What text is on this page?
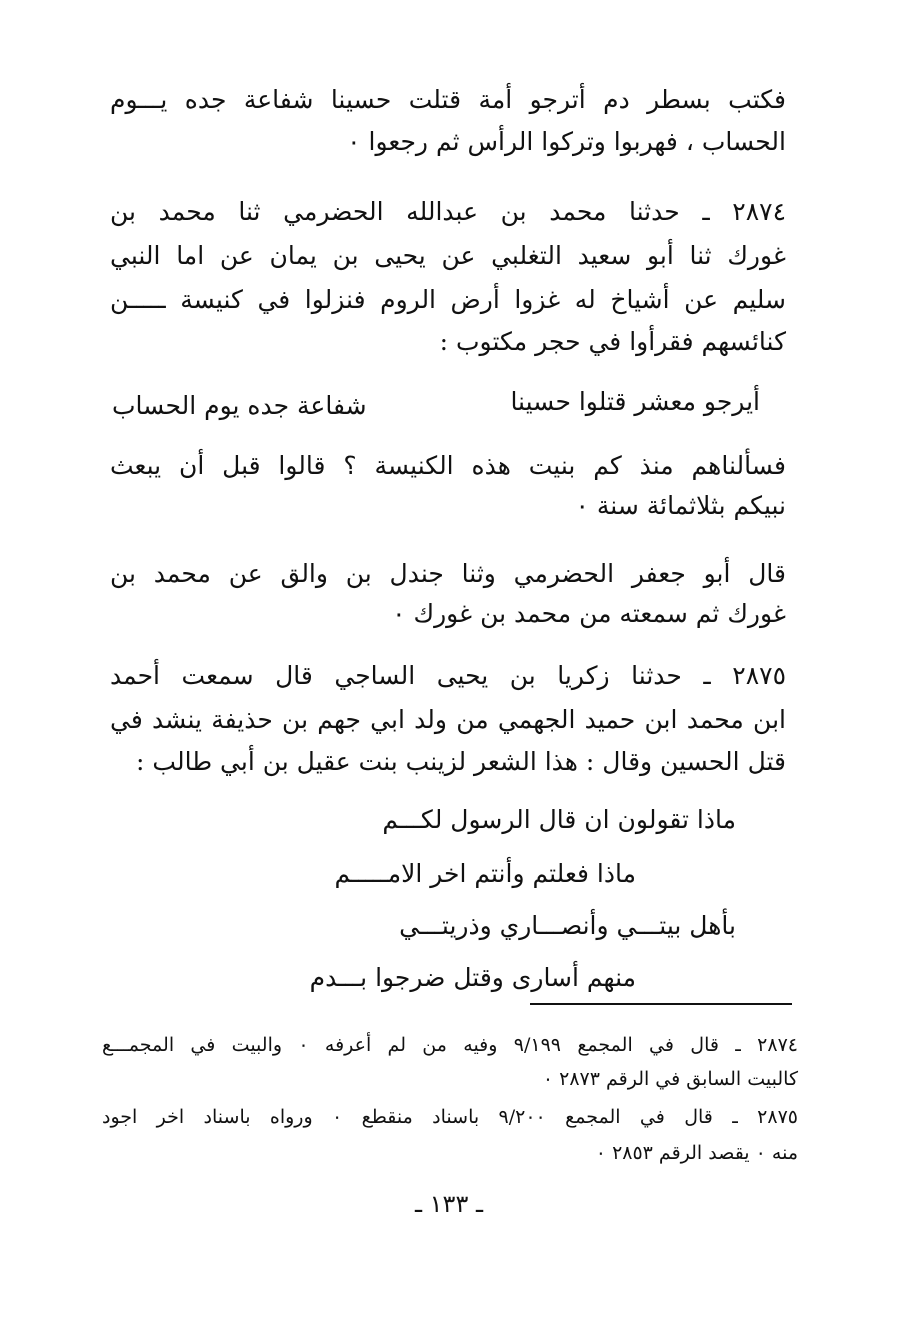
فكتب بسطر دم أترجو أمة قتلت حسينا شفاعة جده يـــوم
الحساب ، فهربوا وتركوا الرأس ثم رجعوا ٠
٢٨٧٤ ـ حدثنا محمد بن عبدالله الحضرمي ثنا محمد بن
غورك ثنا أبو سعيد التغلبي عن يحيى بن يمان عن اما النبي
سليم عن أشياخ له غزوا أرض الروم فنزلوا في كنيسة ـــــن
كنائسهم فقرأوا في حجر مكتوب :
أيرجو معشر قتلوا حسينا
شفاعة جده يوم الحساب
فسألناهم منذ كم بنيت هذه الكنيسة ؟ قالوا قبل أن يبعث
نبيكم بثلاثمائة سنة ٠
قال أبو جعفر الحضرمي وثنا جندل بن والق عن محمد بن
غورك ثم سمعته من محمد بن غورك ٠
٢٨٧٥ ـ حدثنا زكريا بن يحيى الساجي قال سمعت أحمد
ابن محمد ابن حميد الجهمي من ولد ابي جهم بن حذيفة ينشد في
قتل الحسين وقال : هذا الشعر لزينب بنت عقيل بن أبي طالب :
ماذا تقولون ان قال الرسول لكـــم
ماذا فعلتم وأنتم اخر الامـــــم
بأهل بيتـــي وأنصـــاري وذريتـــي
منهم أسارى وقتل ضرجوا بـــدم
٢٨٧٤ ـ قال في المجمع ٩/١٩٩ وفيه من لم أعرفه ٠ والبيت في المجمـــع
كالبيت السابق في الرقم ٢٨٧٣ ٠
٢٨٧٥ ـ قال في المجمع ٩/٢٠٠ باسناد منقطع ٠ ورواه باسناد اخر اجود
منه ٠ يقصد الرقم ٢٨٥٣ ٠
ـ ١٣٣ ـ
